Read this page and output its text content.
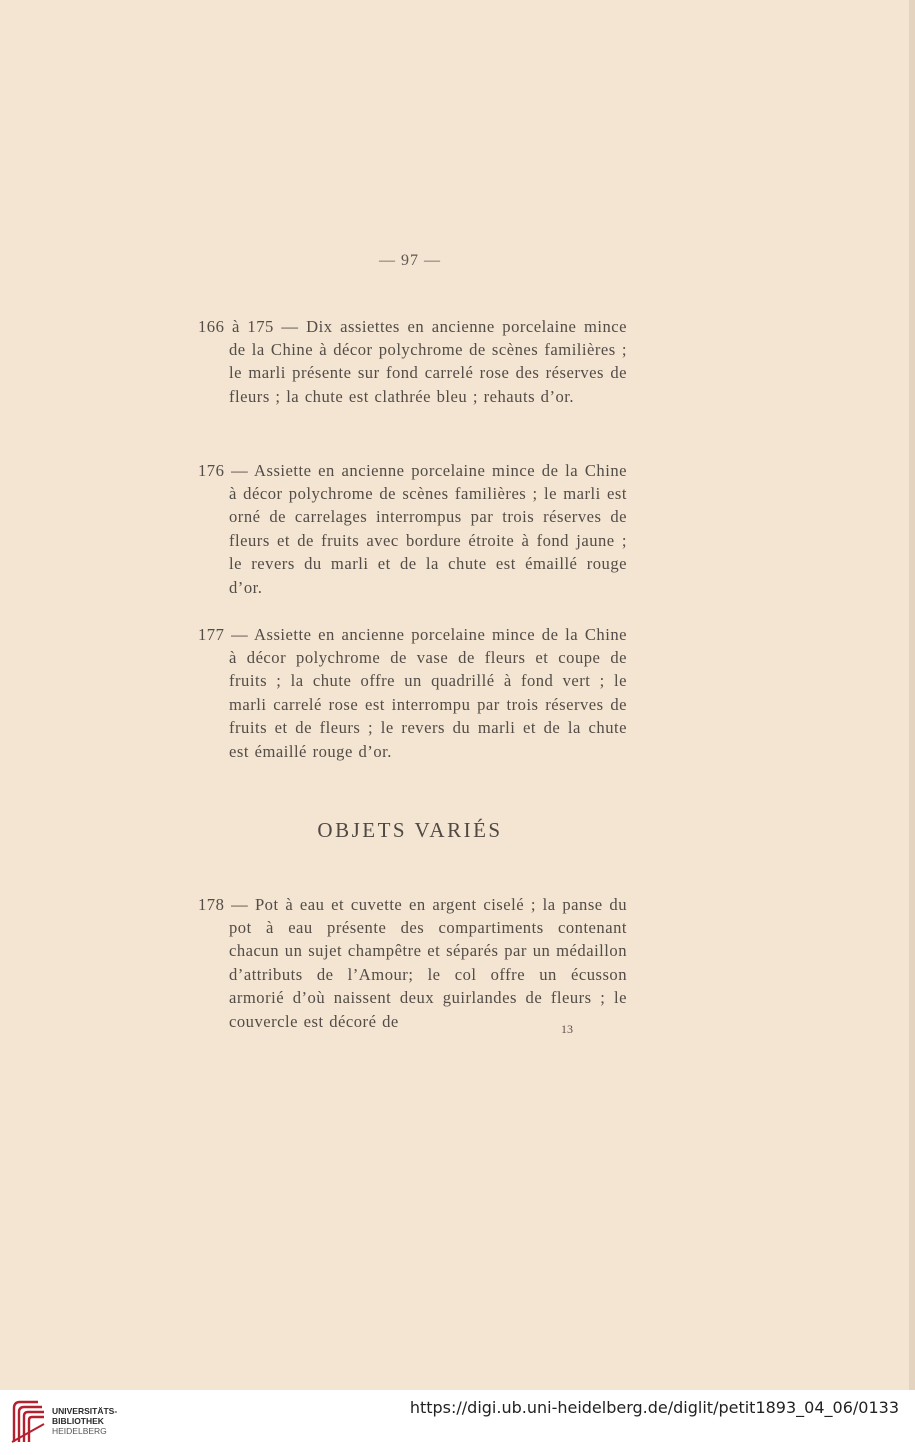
— 97 —

166 à 175 — Dix assiettes en ancienne porcelaine mince de la Chine à décor polychrome de scènes familières ; le marli présente sur fond carrelé rose des réserves de fleurs ; la chute est clathrée bleu ; rehauts d’or.

176 — Assiette en ancienne porcelaine mince de la Chine à décor polychrome de scènes familières ; le marli est orné de carrelages interrompus par trois réserves de fleurs et de fruits avec bordure étroite à fond jaune ; le revers du marli et de la chute est émaillé rouge d’or.

177 — Assiette en ancienne porcelaine mince de la Chine à décor polychrome de vase de fleurs et coupe de fruits ; la chute offre un quadrillé à fond vert ; le marli carrelé rose est interrompu par trois réserves de fruits et de fleurs ; le revers du marli et de la chute est émaillé rouge d’or.

OBJETS VARIÉS

178 — Pot à eau et cuvette en argent ciselé ; la panse du pot à eau présente des compartiments contenant chacun un sujet champêtre et séparés par un médaillon d’attributs de l’Amour; le col offre un écusson armorié d’où naissent deux guirlandes de fleurs ; le couvercle est décoré de	13
UNIVERSITÄTS-
BIBLIOTHEK
HEIDELBERG
https://digi.ub.uni-heidelberg.de/diglit/petit1893_04_06/0133
